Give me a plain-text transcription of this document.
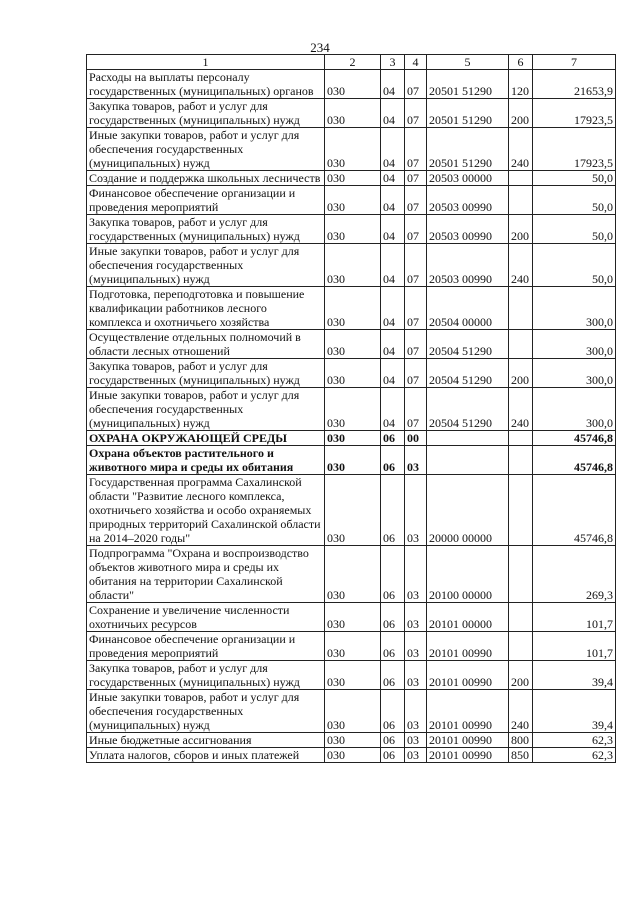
234
1	2	3	4	5	6	7
Расходы на выплаты персоналу государственных (муниципальных) органов	030	04	07	20501 51290	120	21653,9
Закупка товаров, работ и услуг для государственных (муниципальных) нужд	030	04	07	20501 51290	200	17923,5
Иные закупки товаров, работ и услуг для обеспечения государственных (муниципальных) нужд	030	04	07	20501 51290	240	17923,5
Создание и поддержка школьных лесничеств	030	04	07	20503 00000		50,0
Финансовое обеспечение организации и проведения мероприятий	030	04	07	20503 00990		50,0
Закупка товаров, работ и услуг для государственных (муниципальных) нужд	030	04	07	20503 00990	200	50,0
Иные закупки товаров, работ и услуг для обеспечения государственных (муниципальных) нужд	030	04	07	20503 00990	240	50,0
Подготовка, переподготовка и повышение квалификации работников лесного комплекса и охотничьего хозяйства	030	04	07	20504 00000		300,0
Осуществление отдельных полномочий в области лесных отношений	030	04	07	20504 51290		300,0
Закупка товаров, работ и услуг для государственных (муниципальных) нужд	030	04	07	20504 51290	200	300,0
Иные закупки товаров, работ и услуг для обеспечения государственных (муниципальных) нужд	030	04	07	20504 51290	240	300,0
ОХРАНА ОКРУЖАЮЩЕЙ СРЕДЫ	030	06	00			45746,8
Охрана объектов растительного и животного мира и среды их обитания	030	06	03			45746,8
Государственная программа Сахалинской области "Развитие лесного комплекса, охотничьего хозяйства и особо охраняемых природных территорий Сахалинской области на 2014–2020 годы"	030	06	03	20000 00000		45746,8
Подпрограмма "Охрана и воспроизводство объектов животного мира и среды их обитания на территории Сахалинской области"	030	06	03	20100 00000		269,3
Сохранение и увеличение численности охотничьих ресурсов	030	06	03	20101 00000		101,7
Финансовое обеспечение организации и проведения мероприятий	030	06	03	20101 00990		101,7
Закупка товаров, работ и услуг для государственных (муниципальных) нужд	030	06	03	20101 00990	200	39,4
Иные закупки товаров, работ и услуг для обеспечения государственных (муниципальных) нужд	030	06	03	20101 00990	240	39,4
Иные бюджетные ассигнования	030	06	03	20101 00990	800	62,3
Уплата налогов, сборов и иных платежей	030	06	03	20101 00990	850	62,3
